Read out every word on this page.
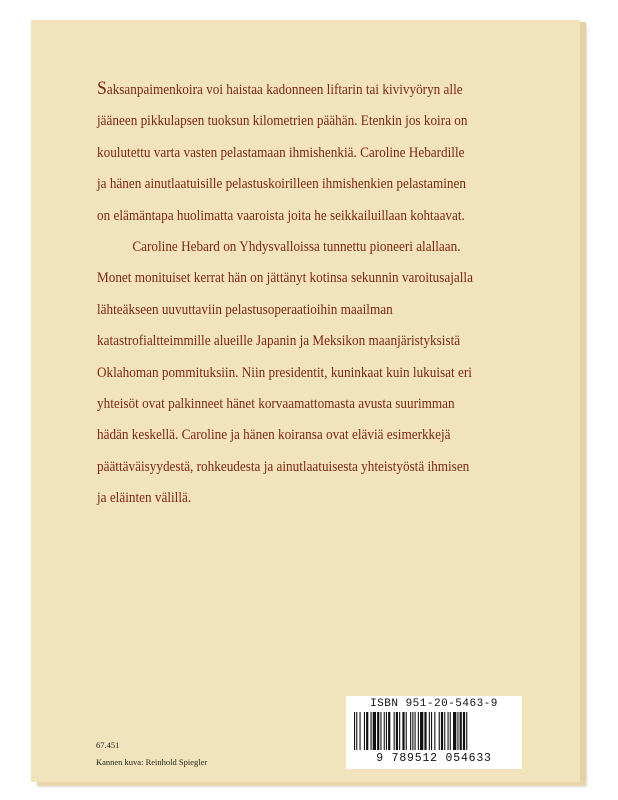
Saksanpaimenkoira voi haistaa kadonneen liftarin tai kivivyöryn alle
jääneen pikkulapsen tuoksun kilometrien päähän. Etenkin jos koira on
koulutettu varta vasten pelastamaan ihmishenkiä. Caroline Hebardille
ja hänen ainutlaatuisille pelastuskoirilleen ihmishenkien pelastaminen
on elämäntapa huolimatta vaaroista joita he seikkailuillaan kohtaavat.

Caroline Hebard on Yhdysvalloissa tunnettu pioneeri alallaan.
Monet monituiset kerrat hän on jättänyt kotinsa sekunnin varoitusajalla
lähteäkseen uuvuttaviin pelastusoperaatioihin maailman
katastrofialtteimmille alueille Japanin ja Meksikon maanjäristyksistä
Oklahoman pommituksiin. Niin presidentit, kuninkaat kuin lukuisat eri
yhteisöt ovat palkinneet hänet korvaamattomasta avusta suurimman
hädän keskellä. Caroline ja hänen koiransa ovat eläviä esimerkkejä
päättäväisyydestä, rohkeudesta ja ainutlaatuisesta yhteistyöstä ihmisen
ja eläinten välillä.

ISBN 951-20-5463-9
9 789512 054633
67.451
Kannen kuva: Reinhold Spiegler
